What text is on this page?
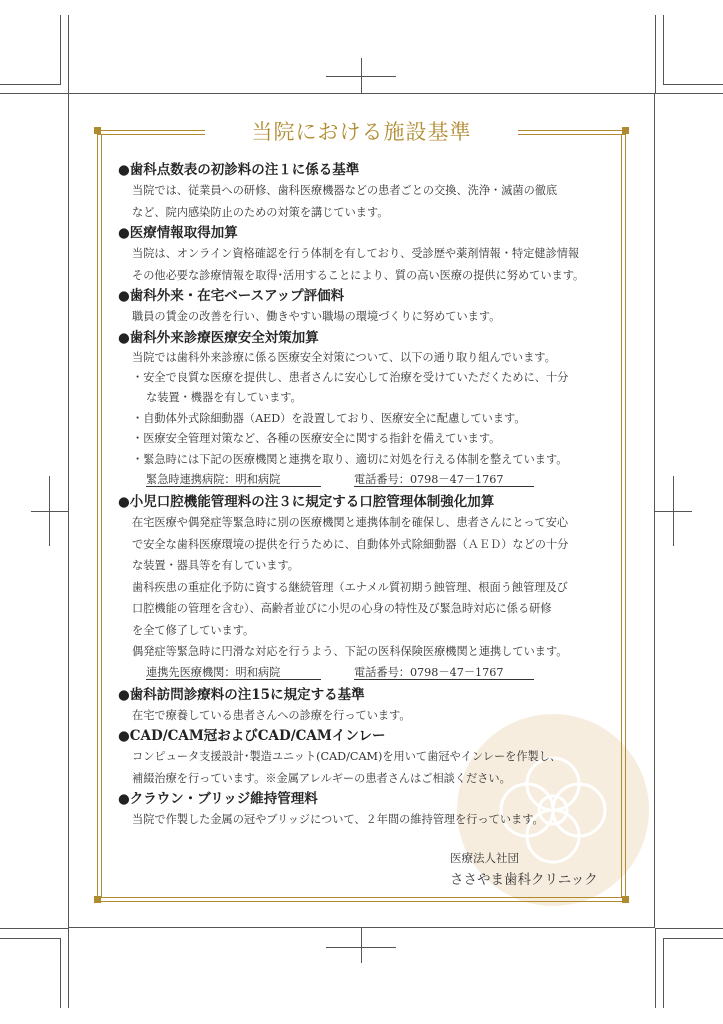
当院における施設基準
●歯科点数表の初診料の注１に係る基準
当院では、従業員への研修、歯科医療機器などの患者ごとの交換、洗浄・滅菌の徹底
など、院内感染防止のための対策を講じています。
●医療情報取得加算
当院は、オンライン資格確認を行う体制を有しており、受診歴や薬剤情報・特定健診情報
その他必要な診療情報を取得･活用することにより、質の高い医療の提供に努めています。
●歯科外来・在宅ベースアップ評価料
職員の賃金の改善を行い、働きやすい職場の環境づくりに努めています。
●歯科外来診療医療安全対策加算
当院では歯科外来診療に係る医療安全対策について、以下の通り取り組んでいます。
・安全で良質な医療を提供し、患者さんに安心して治療を受けていただくために、十分
な装置・機器を有しています。
・自動体外式除細動器（AED）を設置しており、医療安全に配慮しています。
・医療安全管理対策など、各種の医療安全に関する指針を備えています。
・緊急時には下記の医療機関と連携を取り、適切に対処を行える体制を整えています。
緊急時連携病院：明和病院	電話番号：0798－47－1767
●小児口腔機能管理料の注３に規定する口腔管理体制強化加算
在宅医療や偶発症等緊急時に別の医療機関と連携体制を確保し、患者さんにとって安心
で安全な歯科医療環境の提供を行うために、自動体外式除細動器（ＡＥＤ）などの十分
な装置・器具等を有しています。
歯科疾患の重症化予防に資する継続管理（エナメル質初期う蝕管理、根面う蝕管理及び
口腔機能の管理を含む）、高齢者並びに小児の心身の特性及び緊急時対応に係る研修
を全て修了しています。
偶発症等緊急時に円滑な対応を行うよう、下記の医科保険医療機関と連携しています。
連携先医療機関：明和病院	電話番号：0798－47－1767
●歯科訪問診療料の注15に規定する基準
在宅で療養している患者さんへの診療を行っています。
●CAD/CAM冠およびCAD/CAMインレー
コンピュータ支援設計･製造ユニット(CAD/CAM)を用いて歯冠やインレーを作製し、
補綴治療を行っています。※金属アレルギーの患者さんはご相談ください。
●クラウン・ブリッジ維持管理料
当院で作製した金属の冠やブリッジについて、２年間の維持管理を行っています。
医療法人社団
ささやま歯科クリニック
